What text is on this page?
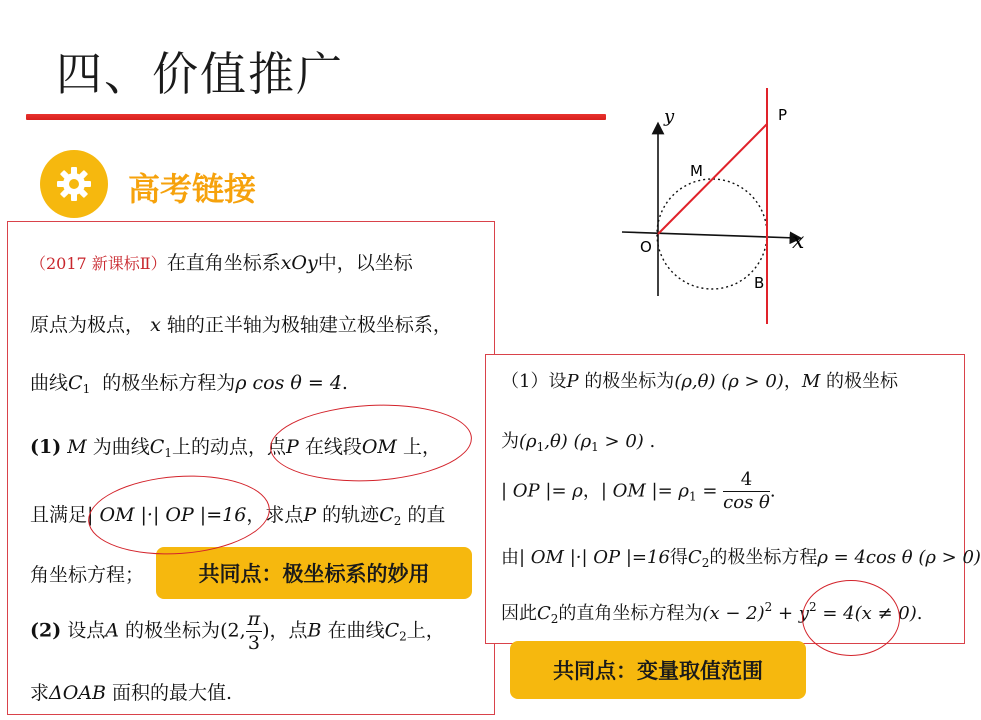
四、价值推广
高考链接
y
x
P
M
O
B
（2017 新课标Ⅱ）在直角坐标系xOy中，以坐标
原点为极点， x 轴的正半轴为极轴建立极坐标系，
曲线$C_1$ 的极坐标方程为ρ cos θ = 4.
(1) M 为曲线$C_1$上的动点，点P 在线段OM 上，
且满足| OM |·| OP |=16，求点P 的轨迹$C_2$ 的直
角坐标方程；
(2) 设点A 的极坐标为(2, $\frac{\pi}{3}$ )，点B 在曲线$C_2$上，
求ΔOAB 面积的最大值.
共同点：极坐标系的妙用
（1）设P 的极坐标为(ρ,θ) (ρ > 0)，M 的极坐标
为$(\rho_1,\theta) (\rho_1 > 0)$ .
| OP |= ρ，| OM |= $\rho_1 = \frac{4}{\text{cos θ}}$ .
由| OM |·| OP |=16得$C_2$的极坐标方程ρ = 4cos θ (ρ > 0)
因此$C_2$的直角坐标方程为$(x - 2)^2 + y^2 = 4(x \ne 0)$.
共同点：变量取值范围
